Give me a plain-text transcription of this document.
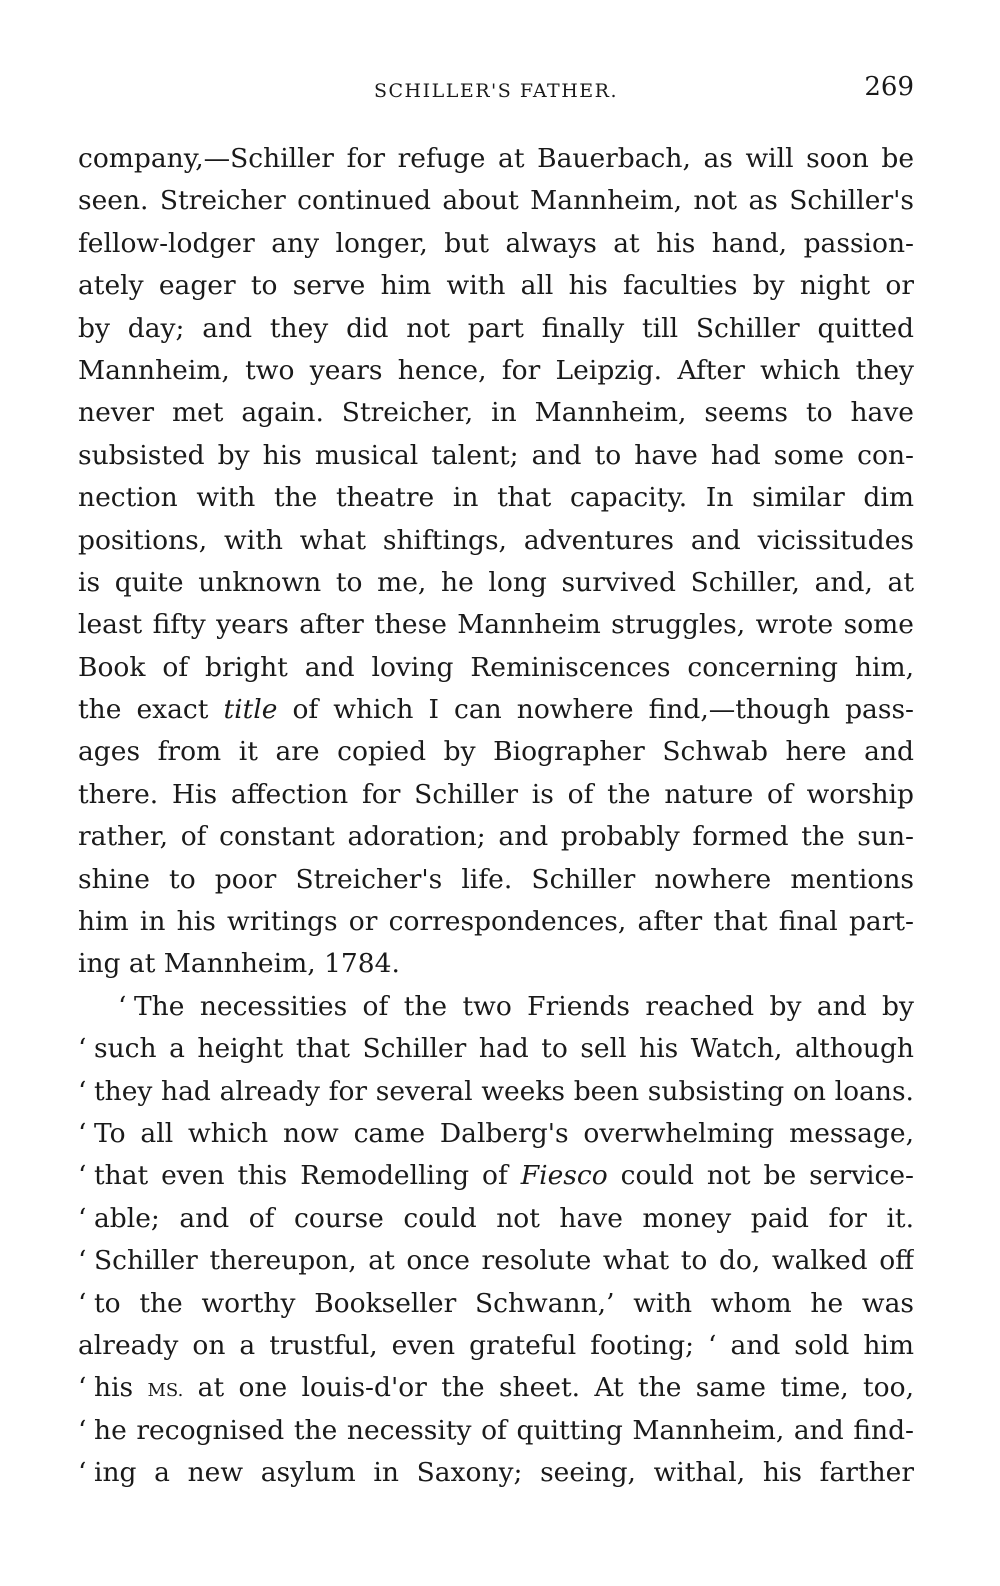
SCHILLER'S FATHER.	269
company,—Schiller for refuge at Bauerbach, as will soon be
seen. Streicher continued about Mannheim, not as Schiller's
fellow-lodger any longer, but always at his hand, passion-
ately eager to serve him with all his faculties by night or
by day; and they did not part finally till Schiller quitted
Mannheim, two years hence, for Leipzig. After which they
never met again. Streicher, in Mannheim, seems to have
subsisted by his musical talent; and to have had some con-
nection with the theatre in that capacity. In similar dim
positions, with what shiftings, adventures and vicissitudes
is quite unknown to me, he long survived Schiller, and, at
least fifty years after these Mannheim struggles, wrote some
Book of bright and loving Reminiscences concerning him,
the exact title of which I can nowhere find,—though pass-
ages from it are copied by Biographer Schwab here and
there. His affection for Schiller is of the nature of worship
rather, of constant adoration; and probably formed the sun-
shine to poor Streicher's life. Schiller nowhere mentions
him in his writings or correspondences, after that final part-
ing at Mannheim, 1784.
‘ The necessities of the two Friends reached by and by
‘ such a height that Schiller had to sell his Watch, although
‘ they had already for several weeks been subsisting on loans.
‘ To all which now came Dalberg's overwhelming message,
‘ that even this Remodelling of Fiesco could not be service-
‘ able; and of course could not have money paid for it.
‘ Schiller thereupon, at once resolute what to do, walked off
‘ to the worthy Bookseller Schwann,’ with whom he was
already on a trustful, even grateful footing; ‘ and sold him
‘ his MS. at one louis-d'or the sheet. At the same time, too,
‘ he recognised the necessity of quitting Mannheim, and find-
‘ ing a new asylum in Saxony; seeing, withal, his farther
